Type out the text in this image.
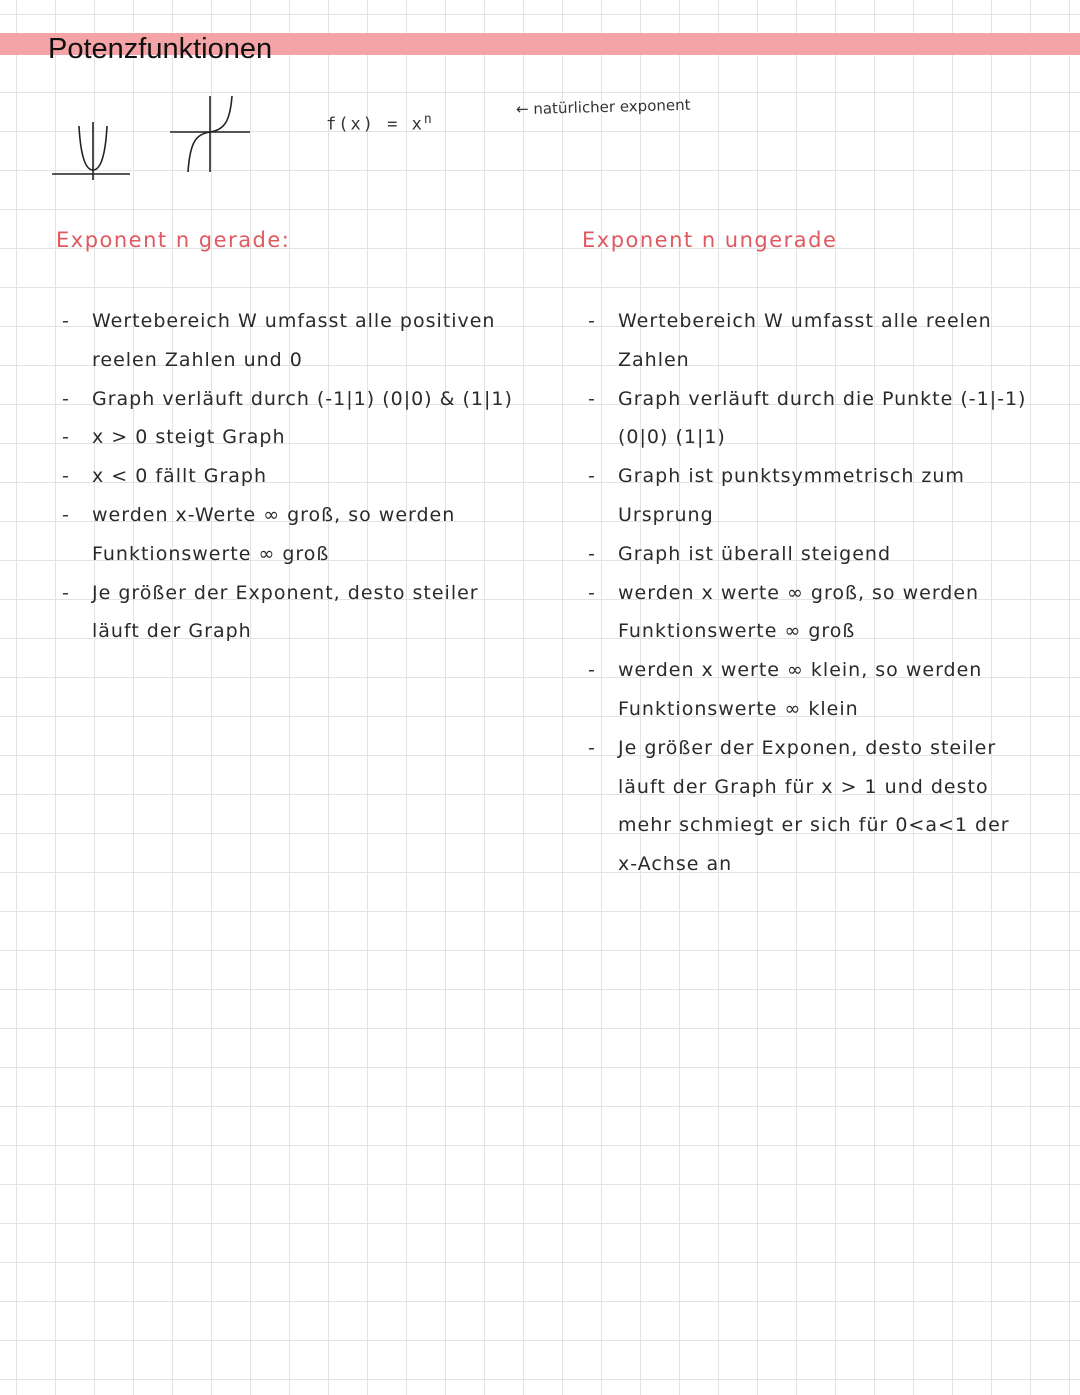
Potenzfunktionen
$f(x) = x^n$
← natürlicher exponent
Exponent n gerade:	Exponent n ungerade
- Wertebereich W umfasst alle positiven reelen Zahlen und 0
- Graph verläuft durch (-1|1) (0|0) & (1|1)
- x > 0 steigt Graph
- x < 0 fällt Graph
- werden x-Werte ∞ groß, so werden Funktionswerte ∞ groß
- Je größer der Exponent, desto steiler läuft der Graph
- Wertebereich W umfasst alle reelen Zahlen
- Graph verläuft durch die Punkte (-1|-1) (0|0) (1|1)
- Graph ist punktsymmetrisch zum Ursprung
- Graph ist überall steigend
- werden x werte ∞ groß, so werden Funktionswerte ∞ groß
- werden x werte ∞ klein, so werden Funktionswerte ∞ klein
- Je größer der Exponen, desto steiler läuft der Graph für x > 1 und desto mehr schmiegt er sich für 0<a<1 der x-Achse an
